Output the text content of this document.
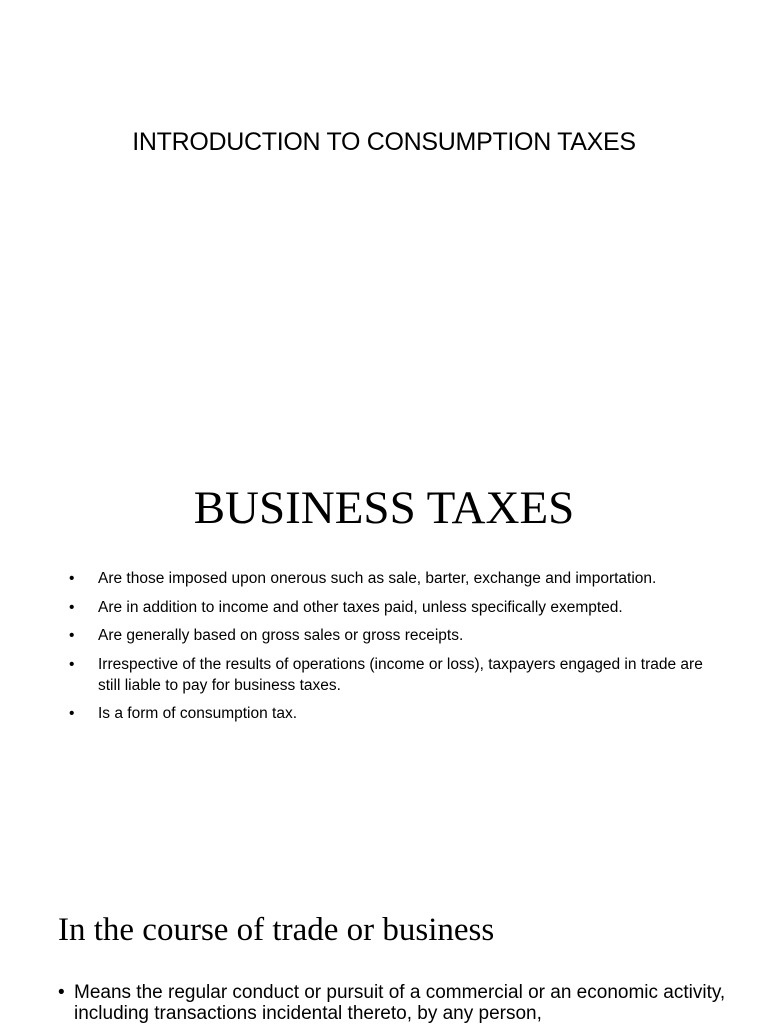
INTRODUCTION TO CONSUMPTION TAXES
BUSINESS TAXES
• Are those imposed upon onerous such as sale, barter, exchange and importation.
• Are in addition to income and other taxes paid, unless specifically exempted.
• Are generally based on gross sales or gross receipts.
• Irrespective of the results of operations (income or loss), taxpayers engaged in trade are still liable to pay for business taxes.
• Is a form of consumption tax.
In the course of trade or business
• Means the regular conduct or pursuit of a commercial or an economic activity, including transactions incidental thereto, by any person,
